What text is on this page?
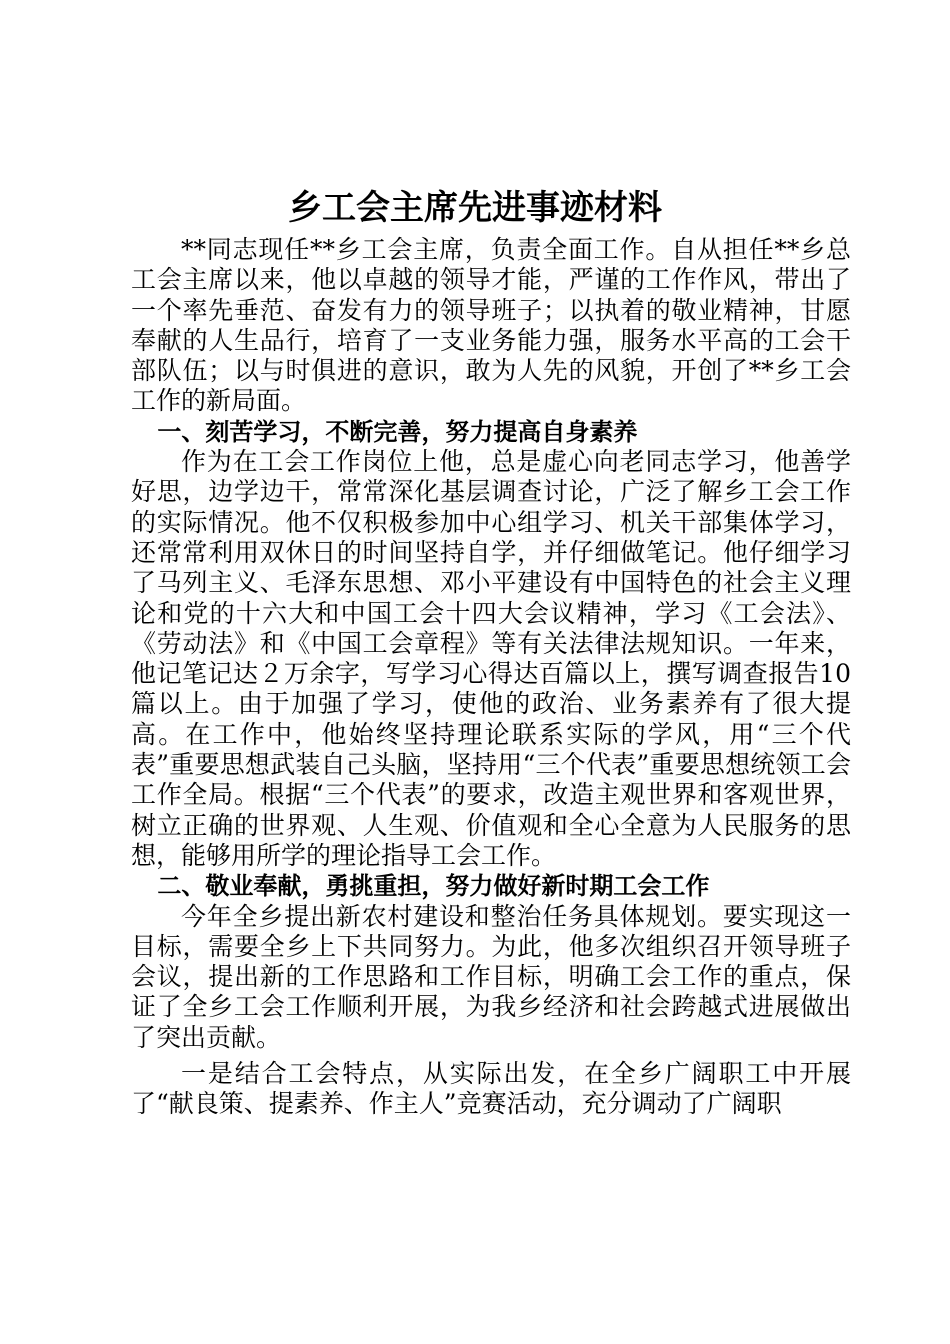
乡工会主席先进事迹材料

**同志现任**乡工会主席，负责全面工作。自从担任**乡总工会主席以来，他以卓越的领导才能，严谨的工作作风，带出了一个率先垂范、奋发有力的领导班子；以执着的敬业精神，甘愿奉献的人生品行，培育了一支业务能力强，服务水平高的工会干部队伍；以与时俱进的意识，敢为人先的风貌，开创了**乡工会工作的新局面。

一、刻苦学习，不断完善，努力提高自身素养

作为在工会工作岗位上他，总是虚心向老同志学习，他善学好思，边学边干，常常深化基层调查讨论，广泛了解乡工会工作的实际情况。他不仅积极参加中心组学习、机关干部集体学习，还常常利用双休日的时间坚持自学，并仔细做笔记。他仔细学习了马列主义、毛泽东思想、邓小平建设有中国特色的社会主义理论和党的十六大和中国工会十四大会议精神，学习《工会法》、《劳动法》和《中国工会章程》等有关法律法规知识。一年来，他记笔记达２万余字，写学习心得达百篇以上，撰写调查报告10篇以上。由于加强了学习，使他的政治、业务素养有了很大提高。在工作中，他始终坚持理论联系实际的学风，用“三个代表”重要思想武装自己头脑，坚持用“三个代表”重要思想统领工会工作全局。根据“三个代表”的要求，改造主观世界和客观世界，树立正确的世界观、人生观、价值观和全心全意为人民服务的思想，能够用所学的理论指导工会工作。

二、敬业奉献，勇挑重担，努力做好新时期工会工作

今年全乡提出新农村建设和整治任务具体规划。要实现这一目标，需要全乡上下共同努力。为此，他多次组织召开领导班子会议，提出新的工作思路和工作目标，明确工会工作的重点，保证了全乡工会工作顺利开展，为我乡经济和社会跨越式进展做出了突出贡献。

一是结合工会特点，从实际出发，在全乡广阔职工中开展了“献良策、提素养、作主人”竞赛活动，充分调动了广阔职
